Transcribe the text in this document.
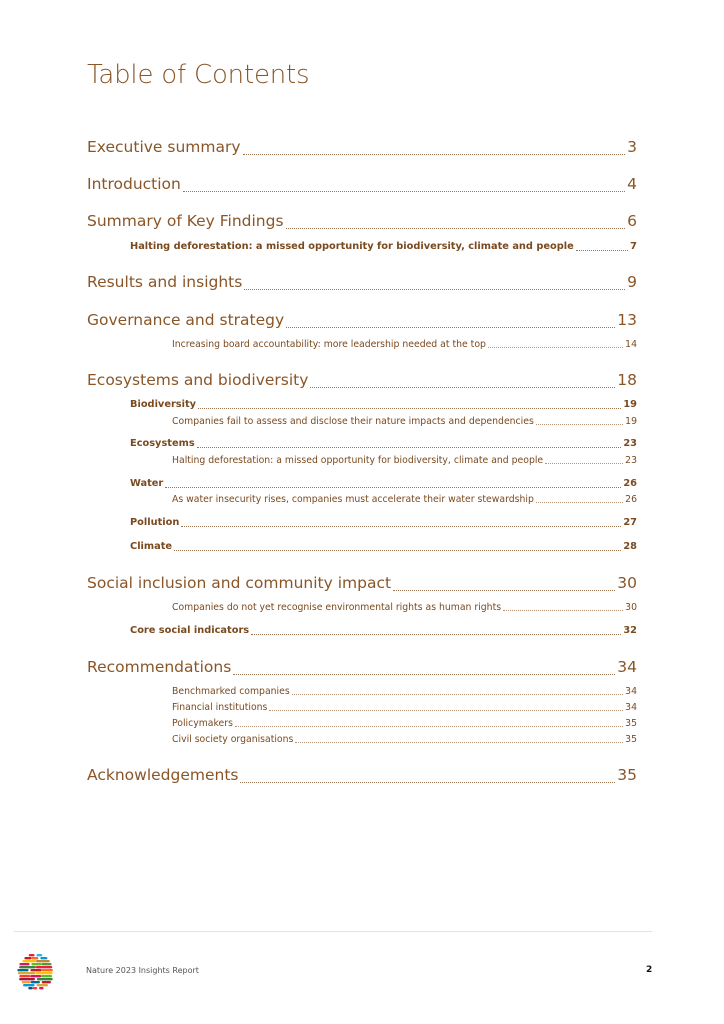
Table of Contents
Executive summary	3
Introduction	4
Summary of Key Findings	6
Halting deforestation: a missed opportunity for biodiversity, climate and people	7
Results and insights	9
Governance and strategy	13
Increasing board accountability: more leadership needed at the top	14
Ecosystems and biodiversity	18
Biodiversity	19
Companies fail to assess and disclose their nature impacts and dependencies	19
Ecosystems	23
Halting deforestation: a missed opportunity for biodiversity, climate and people	23
Water	26
As water insecurity rises, companies must accelerate their water stewardship	26
Pollution	27
Climate	28
Social inclusion and community impact	30
Companies do not yet recognise environmental rights as human rights	30
Core social indicators	32
Recommendations	34
Benchmarked companies	34
Financial institutions	34
Policymakers	35
Civil society organisations	35
Acknowledgements	35
Nature 2023 Insights Report	2
